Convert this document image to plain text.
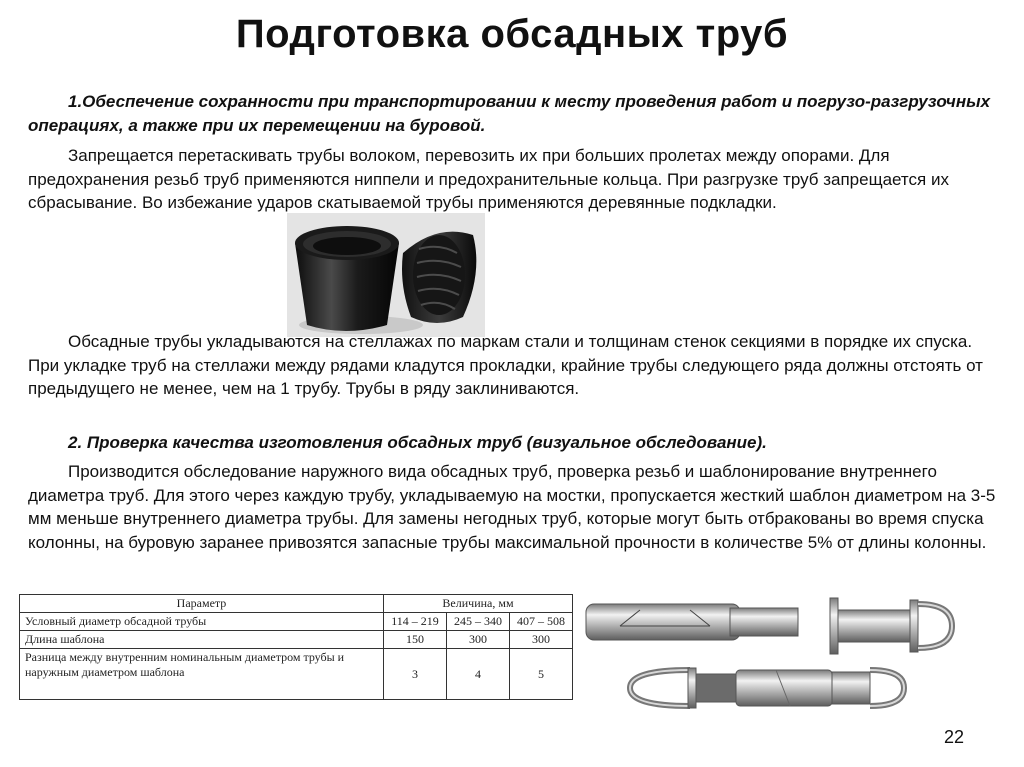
Подготовка обсадных труб

1.Обеспечение сохранности при транспортировании к месту проведения работ и погрузо-разгрузочных операциях, а также при их перемещении на буровой.

Запрещается перетаскивать трубы волоком, перевозить их при больших пролетах между опорами. Для предохранения резьб труб применяются ниппели и предохранительные кольца. При разгрузке труб запрещается их сбрасывание. Во избежание ударов скатываемой трубы применяются деревянные подкладки.

Обсадные трубы укладываются на стеллажах по маркам стали и толщинам стенок секциями в порядке их спуска. При укладке труб на стеллажи между рядами кладутся прокладки, крайние трубы следующего ряда должны отстоять от предыдущего не менее, чем на 1 трубу. Трубы в ряду заклиниваются.

2. Проверка качества изготовления обсадных труб (визуальное обследование).

Производится обследование наружного вида обсадных труб, проверка резьб и шаблонирование внутреннего диаметра труб. Для этого через каждую трубу, укладываемую на мостки, пропускается жесткий шаблон диаметром на 3-5 мм меньше внутреннего диаметра трубы. Для замены негодных труб, которые могут быть отбракованы во время спуска колонны, на буровую заранее привозятся запасные трубы максимальной прочности в количестве 5% от длины колонны.

Параметр	Величина, мм		
Условный диаметр обсадной трубы	114 – 219	245 – 340	407 – 508
Длина шаблона	150	300	300
Разница между внутренним номинальным диаметром трубы и наружным диаметром шаблона	3	4	5
22
